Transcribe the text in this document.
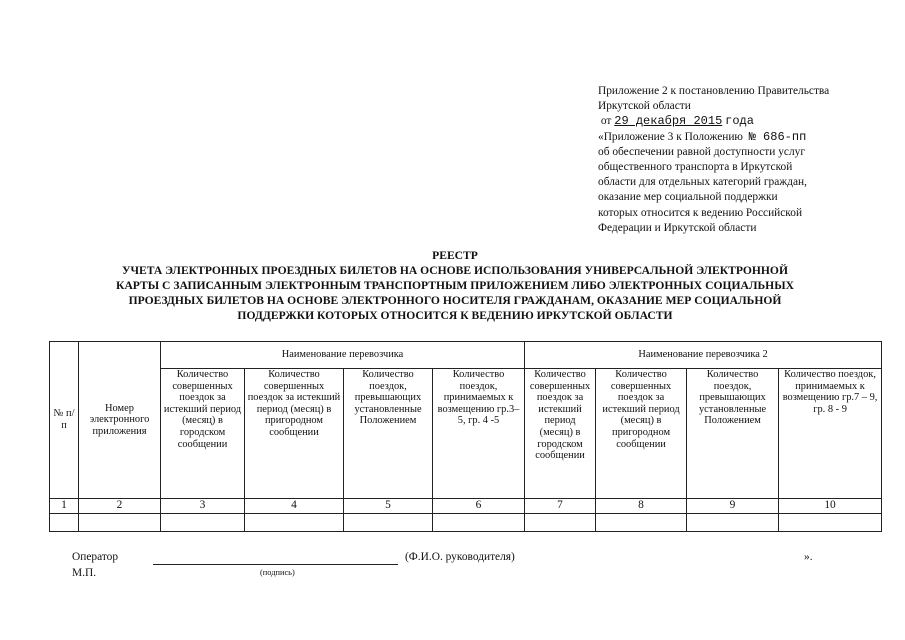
Приложение 2 к постановлению Правительства
Иркутской области
от 29 декабря 2015 года
«Приложение 3 к Положению № 686-пп
об обеспечении равной доступности услуг
общественного транспорта в Иркутской
области для отдельных категорий граждан,
оказание мер социальной поддержки
которых относится к ведению Российской
Федерации и Иркутской области
РЕЕСТР
УЧЕТА ЭЛЕКТРОННЫХ ПРОЕЗДНЫХ БИЛЕТОВ НА ОСНОВЕ ИСПОЛЬЗОВАНИЯ УНИВЕРСАЛЬНОЙ ЭЛЕКТРОННОЙ
КАРТЫ С ЗАПИСАННЫМ ЭЛЕКТРОННЫМ ТРАНСПОРТНЫМ ПРИЛОЖЕНИЕМ ЛИБО ЭЛЕКТРОННЫХ СОЦИАЛЬНЫХ
ПРОЕЗДНЫХ БИЛЕТОВ НА ОСНОВЕ ЭЛЕКТРОННОГО НОСИТЕЛЯ ГРАЖДАНАМ, ОКАЗАНИЕ МЕР СОЦИАЛЬНОЙ
ПОДДЕРЖКИ КОТОРЫХ ОТНОСИТСЯ К ВЕДЕНИЮ ИРКУТСКОЙ ОБЛАСТИ
№ п/п	Номер электронного приложения	Наименование перевозчика				Наименование перевозчика 2			
		Количество совершенных поездок за истекший период (месяц) в городском сообщении	Количество совершенных поездок за истекший период (месяц) в пригородном сообщении	Количество поездок, превышающих установленные Положением	Количество поездок, принимаемых к возмещению гр.3– 5, гр. 4 -5	Количество совершенных поездок за истекший период (месяц) в городском сообщении	Количество совершенных поездок за истекший период (месяц) в пригородном сообщении	Количество поездок, превышающих установленные Положением	Количество поездок, принимаемых к возмещению гр.7 – 9, гр. 8 - 9
1	2	3	4	5	6	7	8	9	10

Оператор	(Ф.И.О. руководителя)	».
М.П.	(подпись)
